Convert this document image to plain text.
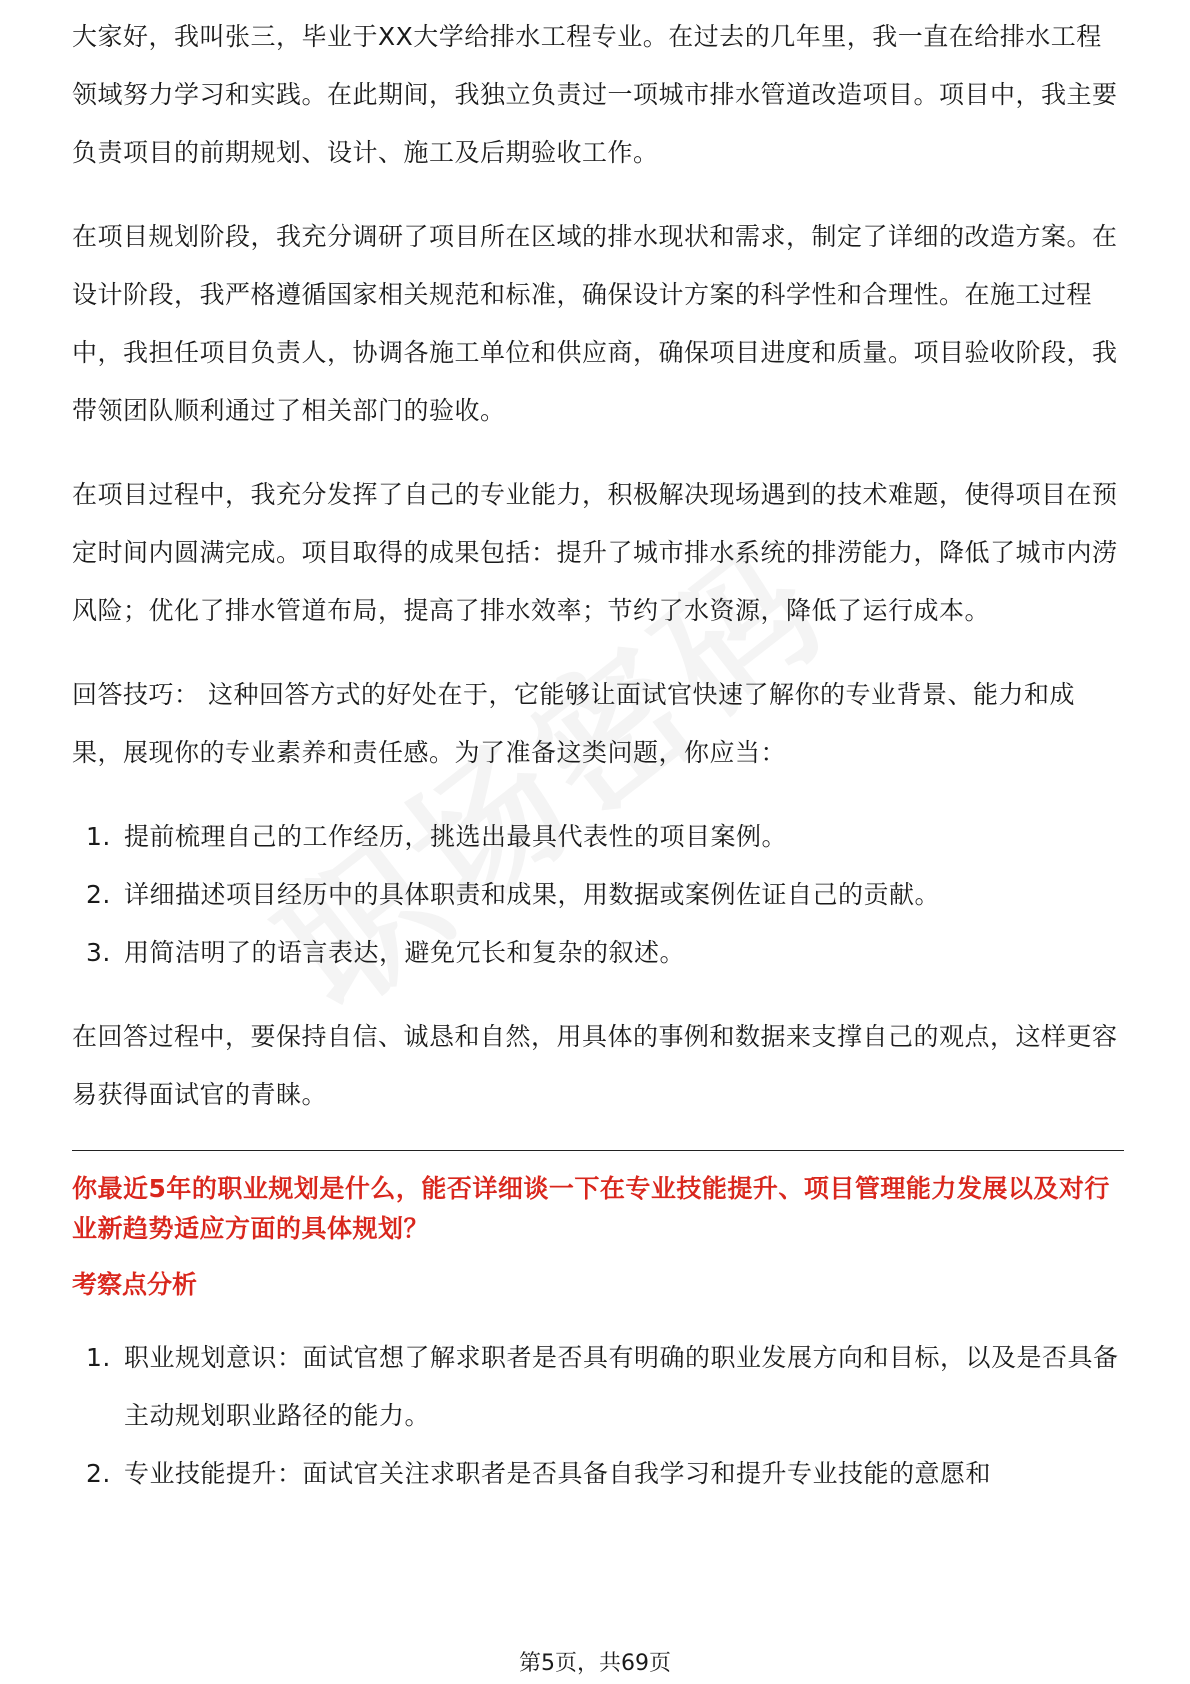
大家好，我叫张三，毕业于XX大学给排水工程专业。在过去的几年里，我一直在给排水工程领域努力学习和实践。在此期间，我独立负责过一项城市排水管道改造项目。项目中，我主要负责项目的前期规划、设计、施工及后期验收工作。

在项目规划阶段，我充分调研了项目所在区域的排水现状和需求，制定了详细的改造方案。在设计阶段，我严格遵循国家相关规范和标准，确保设计方案的科学性和合理性。在施工过程中，我担任项目负责人，协调各施工单位和供应商，确保项目进度和质量。项目验收阶段，我带领团队顺利通过了相关部门的验收。

在项目过程中，我充分发挥了自己的专业能力，积极解决现场遇到的技术难题，使得项目在预定时间内圆满完成。项目取得的成果包括：提升了城市排水系统的排涝能力，降低了城市内涝风险；优化了排水管道布局，提高了排水效率；节约了水资源，降低了运行成本。

回答技巧： 这种回答方式的好处在于，它能够让面试官快速了解你的专业背景、能力和成果，展现你的专业素养和责任感。为了准备这类问题，你应当：

1. 提前梳理自己的工作经历，挑选出最具代表性的项目案例。
2. 详细描述项目经历中的具体职责和成果，用数据或案例佐证自己的贡献。
3. 用简洁明了的语言表达，避免冗长和复杂的叙述。

在回答过程中，要保持自信、诚恳和自然，用具体的事例和数据来支撑自己的观点，这样更容易获得面试官的青睐。

你最近5年的职业规划是什么，能否详细谈一下在专业技能提升、项目管理能力发展以及对行业新趋势适应方面的具体规划？
考察点分析
1. 职业规划意识：面试官想了解求职者是否具有明确的职业发展方向和目标，以及是否具备主动规划职业路径的能力。
2. 专业技能提升：面试官关注求职者是否具备自我学习和提升专业技能的意愿和
第5页，共69页
